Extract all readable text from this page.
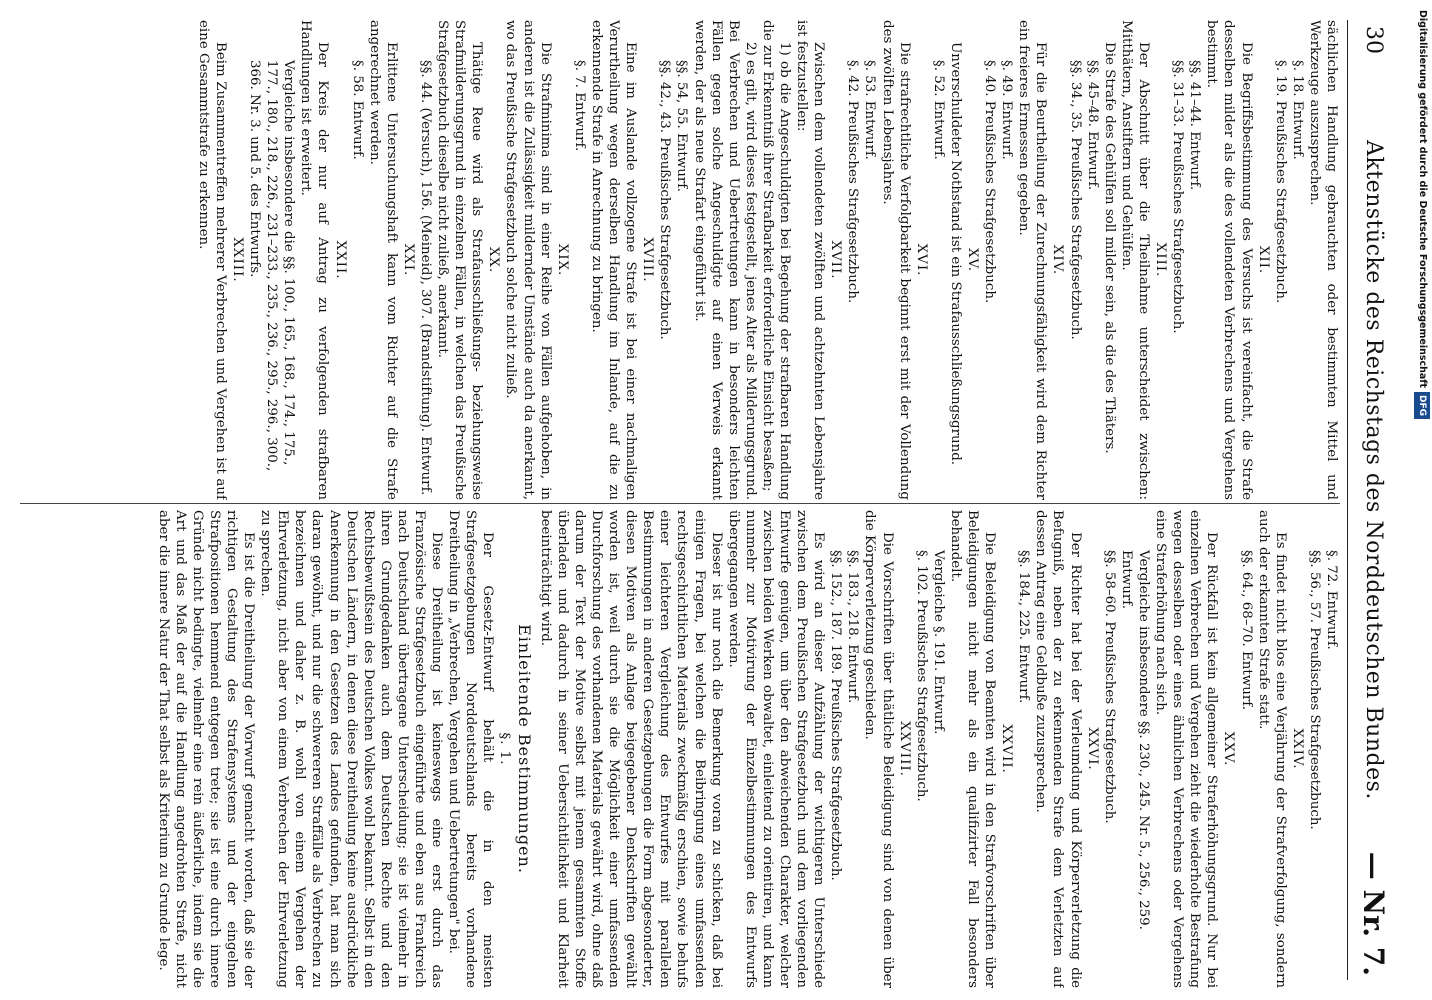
30
Aktenstücke des Reichstags des Norddeutschen Bundes.
— Nr. 7.

sächlichen Handlung gebrauchten oder bestimmten Mittel und Werkzeuge auszusprechen.

§. 18. Entwurf.

§. 19. Preußisches Strafgesetzbuch.

XII.

Die Begriffsbestimmung des Versuchs ist vereinfacht, die Strafe desselben milder als die des vollendeten Verbrechens und Vergehens bestimmt.

§§. 41–44. Entwurf.

§§. 31–33. Preußisches Strafgesetzbuch.

XIII.

Der Abschnitt über die Theilnahme unterscheidet zwischen: Mitthätern, Anstiftern und Gehülfen.

Die Strafe des Gehülfen soll milder sein, als die des Thäters.

§§. 45–48. Entwurf.

§§. 34., 35. Preußisches Strafgesetzbuch.

XIV.

Für die Beurtheilung der Zurechnungsfähigkeit wird dem Richter ein freieres Ermessen gegeben.

§. 49. Entwurf.

§. 40. Preußisches Strafgesetzbuch.

XV.

Unverschuldeter Nothstand ist ein Strafausschließungsgrund.

§. 52. Entwurf.

XVI.

Die strafrechtliche Verfolgbarkeit beginnt erst mit der Vollendung des zwölften Lebensjahres.

§. 53. Entwurf.

§. 42. Preußisches Strafgesetzbuch.

XVII.

Zwischen dem vollendeten zwölften und achtzehnten Lebensjahre ist festzustellen:

1) ob die Angeschuldigten bei Begehung der strafbaren Handlung die zur Erkenntniß ihrer Strafbarkeit erforderliche Einsicht besaßen;

2) es gilt, wird dieses festgestellt, jenes Alter als Milderungsgrund. Bei Verbrechen und Uebertretungen kann in besonders leichten Fällen gegen solche Angeschuldigte auf einen Verweis erkannt werden, der als neue Strafart eingeführt ist.

§§. 54, 55. Entwurf.

§§. 42., 43. Preußisches Strafgesetzbuch.

XVIII.

Eine im Auslande vollzogene Strafe ist bei einer nachmaligen Verurtheilung wegen derselben Handlung im Inlande, auf die zu erkennende Strafe in Anrechnung zu bringen.

§. 7. Entwurf.

XIX.

Die Strafminima sind in einer Reihe von Fällen aufgehoben, in anderen ist die Zulässigkeit mildernder Umstände auch da anerkannt, wo das Preußische Strafgesetzbuch solche nicht zuließ.

XX.

Thätige Reue wird als Strafausschließungs- beziehungsweise Strafmilderungsgrund in einzelnen Fällen, in welchen das Preußische Strafgesetzbuch dieselbe nicht zuließ, anerkannt.

§§. 44. (Versuch), 156. (Meineid), 307. (Brandstiftung). Entwurf.

XXI.

Erlittene Untersuchungshaft kann vom Richter auf die Strafe angerechnet werden.

§. 58. Entwurf.

XXII.

Der Kreis der nur auf Antrag zu verfolgenden strafbaren Handlungen ist erweitert.

Vergleiche insbesondere die §§. 100., 165., 168., 174., 175., 177., 180., 218., 226., 231–233., 235., 236., 295., 296., 300., 366. Nr. 3. und 5. des Entwurfs.

XXIII.

Beim Zusammentreffen mehrerer Verbrechen und Vergehen ist auf eine Gesammtstrafe zu erkennen.

§. 72. Entwurf.

§§. 56., 57. Preußisches Strafgesetzbuch.

XXIV.

Es findet nicht blos eine Verjährung der Strafverfolgung, sondern auch der erkannten Strafe statt.

§§. 64., 68–70. Entwurf.

XXV.

Der Rückfall ist kein allgemeiner Straferhöhungsgrund. Nur bei einzelnen Verbrechen und Vergehen zieht die wiederholte Bestrafung wegen desselben oder eines ähnlichen Verbrechens oder Vergehens eine Straferhöhung nach sich.

Vergleiche insbesondere §§. 230., 245. Nr. 5., 256., 259. Entwurf.

§§. 58–60. Preußisches Strafgesetzbuch.

XXVI.

Der Richter hat bei der Verleumdung und Körperverletzung die Befugniß, neben der zu erkennenden Strafe dem Verletzten auf dessen Antrag eine Geldbuße zuzusprechen.

§§. 184., 225. Entwurf.

XXVII.

Die Beleidigung von Beamten wird in den Strafvorschriften über Beleidigungen nicht mehr als ein qualifizirter Fall besonders behandelt.

Vergleiche §. 191. Entwurf.

§. 102. Preußisches Strafgesetzbuch.

XXVIII.

Die Vorschriften über thätliche Beleidigung sind von denen über die Körperverletzung geschieden.

§§. 183., 218. Entwurf.

§§. 152., 187. 189. Preußisches Strafgesetzbuch.

Es wird an dieser Aufzählung der wichtigeren Unterschiede zwischen dem Preußischen Strafgesetzbuch und dem vorliegenden Entwurfe genügen, um über den abweichenden Charakter, welcher zwischen beiden Werken obwaltet, einleitend zu orientiren, und kann nunmehr zur Motivirung der Einzelbestimmungen des Entwurfs übergegangen werden.

Dieser ist nur noch die Bemerkung voran zu schicken, daß bei einigen Fragen, bei welchen die Beibringung eines umfassenden rechtsgeschichtlichen Materials zweckmäßig erschien, sowie behufs einer leichteren Vergleichung des Entwurfes mit parallelen Bestimmungen in anderen Gesetzgebungen die Form abgesonderter, diesen Motiven als Anlage beigegebener Denkschriften gewählt worden ist, weil durch sie die Möglichkeit einer umfassenden Durchforschung des vorhandenen Materials gewährt wird, ohne daß darum der Text der Motive selbst mit jenem gesammten Stoffe überladen und dadurch in seiner Uebersichtlichkeit und Klarheit beeinträchtigt wird.

Einleitende Bestimmungen.

§. 1.

Der Gesetz-Entwurf behält die in den meisten Strafgesetzgebungen Norddeutschlands bereits vorhandene Dreitheilung in „Verbrechen, Vergehen und Uebertretungen" bei.

Diese Dreitheilung ist keineswegs eine erst durch das Französische Strafgesetzbuch eingeführte und eben aus Frankreich nach Deutschland übertragene Unterscheidung; sie ist vielmehr in ihren Grundgedanken auch dem Deutschen Rechte und den Rechtsbewußtsein des Deutschen Volkes wohl bekannt. Selbst in den Deutschen Ländern, in denen diese Dreitheilung keine ausdrückliche Anerkennung in den Gesetzen des Landes gefunden, hat man sich daran gewöhnt, und nur die schwereren Straffälle als Verbrechen zu bezeichnen und daher z. B. wohl von einem Vergehen der Ehrverletzung, nicht aber von einem Verbrechen der Ehrverletzung zu sprechen.

Es ist die Dreitheilung der Vorwurf gemacht worden, daß sie der richtigen Gestaltung des Strafensystems und der eingelnen Strafpositionen hemmend entgegen trete; sie ist eine durch innere Gründe nicht bedingte, vielmehr eine rein äußerliche, indem sie die Art und das Maß der auf die Handlung angedrohten Strafe, nicht aber die innere Natur der That selbst als Kriterium zu Grunde lege.

Digitalisierung gefördert durch die Deutsche ForschungsgemeinschaftDFG
